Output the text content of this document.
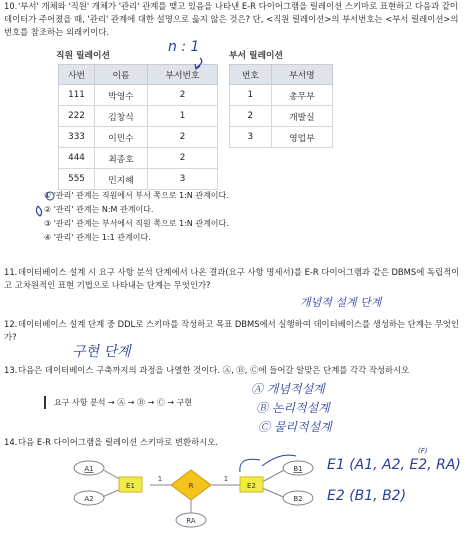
10.'부서' 개체와 '직원' 개체가 '관리' 관계를 맺고 있음을 나타낸 E-R 다이어그램을 릴레이션 스키마로 표현하고 다음과 같이 데이터가 주어졌을 때, '관리' 관계에 대한 설명으로 옳지 않은 것은? 단, <직원 릴레이션>의 부서번호는 <부서 릴레이션>의 번호를 참조하는 외래키이다.
직원 릴레이션	부서 릴레이션
n : 1
사번	이름	부서번호
111	박영수	2
222	김창식	1
333	이민수	2
444	최종호	2
555	민지혜	3
번호	부서명
1	총무부
2	개발실
3	영업부
① '관리' 관계는 직원에서 부서 쪽으로 1:N 관계이다.
② '관리' 관계는 N:M 관계이다.
③ '관리' 관계는 부서에서 직원 쪽으로 1:N 관계이다.
④ '관리' 관계는 1:1 관계이다.
11.데이터베이스 설계 시 요구 사항 분석 단계에서 나온 결과(요구 사항 명세서)를 E-R 다이어그램과 같은 DBMS에 독립적이고 고차원적인 표현 기법으로 나타내는 단계는 무엇인가?
개념적 설계 단계
12.데이터베이스 설계 단계 중 DDL로 스키마를 작성하고 목표 DBMS에서 실행하여 데이터베이스를 생성하는 단계는 무엇인가?
구현 단계
13.다음은 데이터베이스 구축까지의 과정을 나열한 것이다. Ⓐ, Ⓑ, Ⓒ에 들어갈 알맞은 단계를 각각 작성하시오
요구 사항 분석 → Ⓐ → Ⓑ → Ⓒ → 구현
Ⓐ 개념적설계
Ⓑ 논리적설계
Ⓒ 물리적설계
14.다음 E-R 다이어그램을 릴레이션 스키마로 변환하시오.
1	1
A1
A2
RA
B1
B2
E1	E2
R
(F)
E1 (A1, A2, E2, RA)
E2 (B1, B2)
